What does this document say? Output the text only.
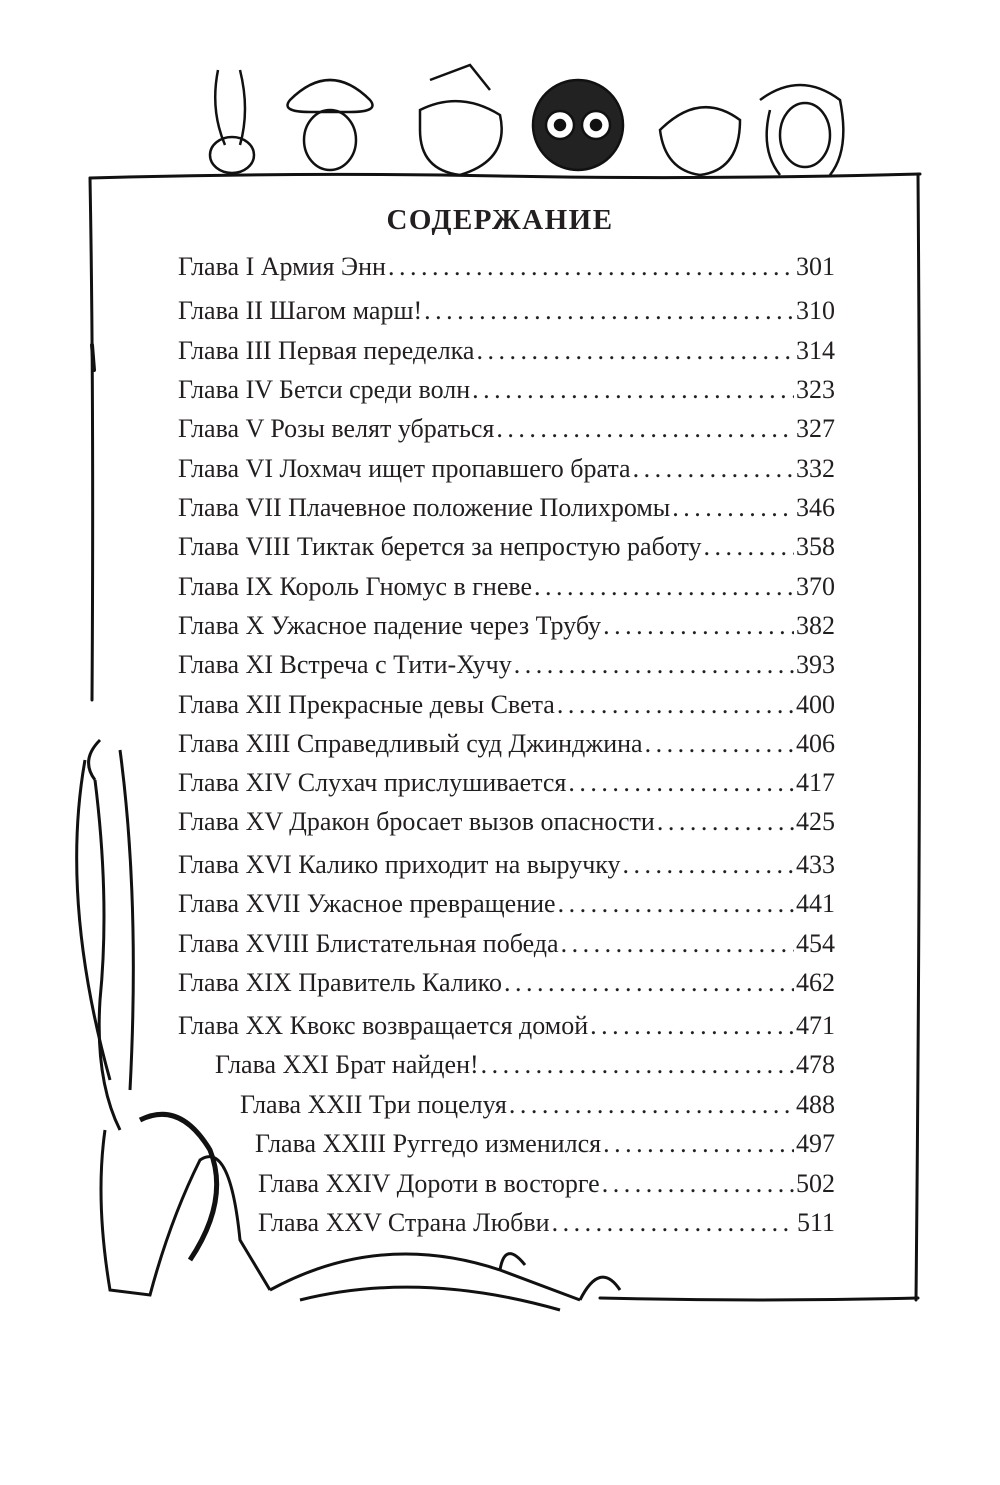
СОДЕРЖАНИЕ
Глава I Армия Энн . . .	301
Глава II Шагом марш! . . .	310
Глава III Первая переделка . . .	314
Глава IV Бетси среди волн . . .	323
Глава V Розы велят убраться . . .	327
Глава VI Лохмач ищет пропавшего брата . . .	332
Глава VII Плачевное положение Полихромы . . .	346
Глава VIII Тиктак берется за непростую работу . . .	358
Глава IX Король Гномус в гневе . . .	370
Глава X Ужасное падение через Трубу . . .	382
Глава XI Встреча с Тити-Хучу . . .	393
Глава XII Прекрасные девы Света . . .	400
Глава XIII Справедливый суд Джинджина . . .	406
Глава XIV Слухач прислушивается . . .	417
Глава XV Дракон бросает вызов опасности . . .	425
Глава XVI Калико приходит на выручку . . .	433
Глава XVII Ужасное превращение . . .	441
Глава XVIII Блистательная победа . . .	454
Глава XIX Правитель Калико . . .	462
Глава XX Квокс возвращается домой . . .	471
Глава XXI Брат найден! . . .	478
Глава XXII Три поцелуя . . .	488
Глава XXIII Руггедо изменился . . .	497
Глава XXIV Дороти в восторге . . .	502
Глава XXV Страна Любви . . .	511
